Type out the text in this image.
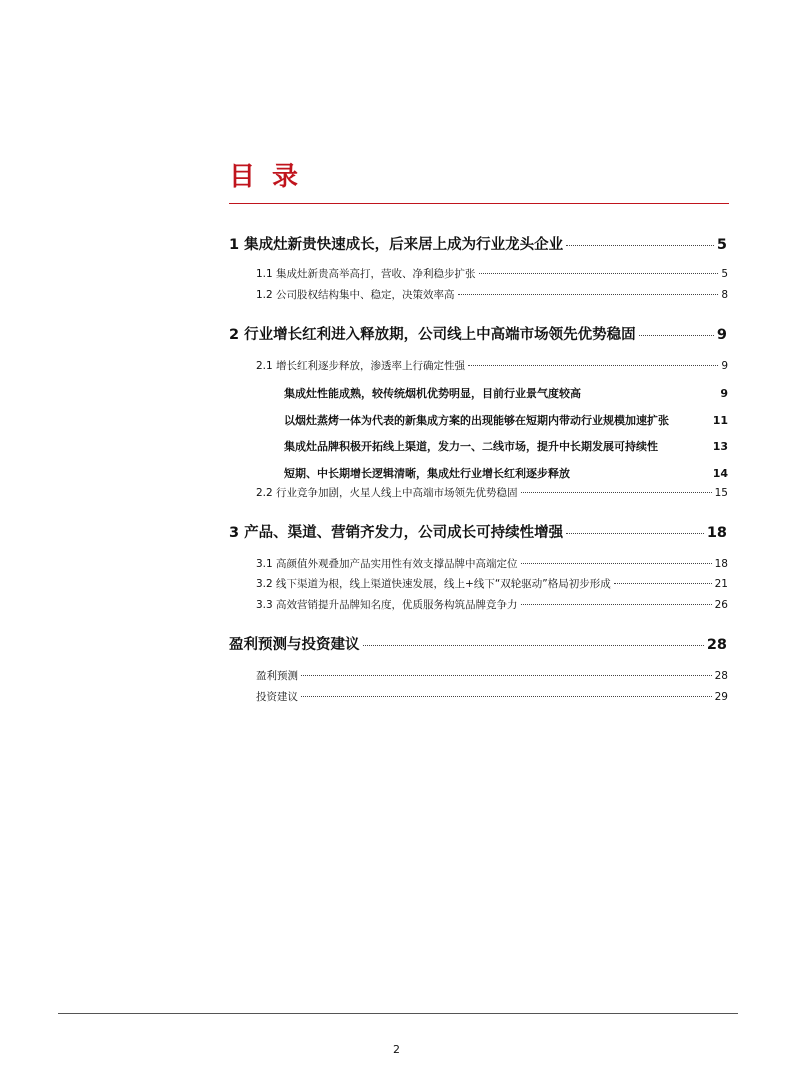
目 录
1 集成灶新贵快速成长，后来居上成为行业龙头企业	5
1.1 集成灶新贵高举高打，营收、净利稳步扩张	5
1.2 公司股权结构集中、稳定，决策效率高	8
2 行业增长红利进入释放期，公司线上中高端市场领先优势稳固	9
2.1 增长红利逐步释放，渗透率上行确定性强	9
集成灶性能成熟，较传统烟机优势明显，目前行业景气度较高	9
以烟灶蒸烤一体为代表的新集成方案的出现能够在短期内带动行业规模加速扩张	11
集成灶品牌积极开拓线上渠道，发力一、二线市场，提升中长期发展可持续性	13
短期、中长期增长逻辑清晰，集成灶行业增长红利逐步释放	14
2.2 行业竞争加剧，火星人线上中高端市场领先优势稳固	15
3 产品、渠道、营销齐发力，公司成长可持续性增强	18
3.1 高颜值外观叠加产品实用性有效支撑品牌中高端定位	18
3.2 线下渠道为根，线上渠道快速发展，线上+线下“双轮驱动”格局初步形成	21
3.3 高效营销提升品牌知名度，优质服务构筑品牌竞争力	26
盈利预测与投资建议	28
盈利预测	28
投资建议	29
2
